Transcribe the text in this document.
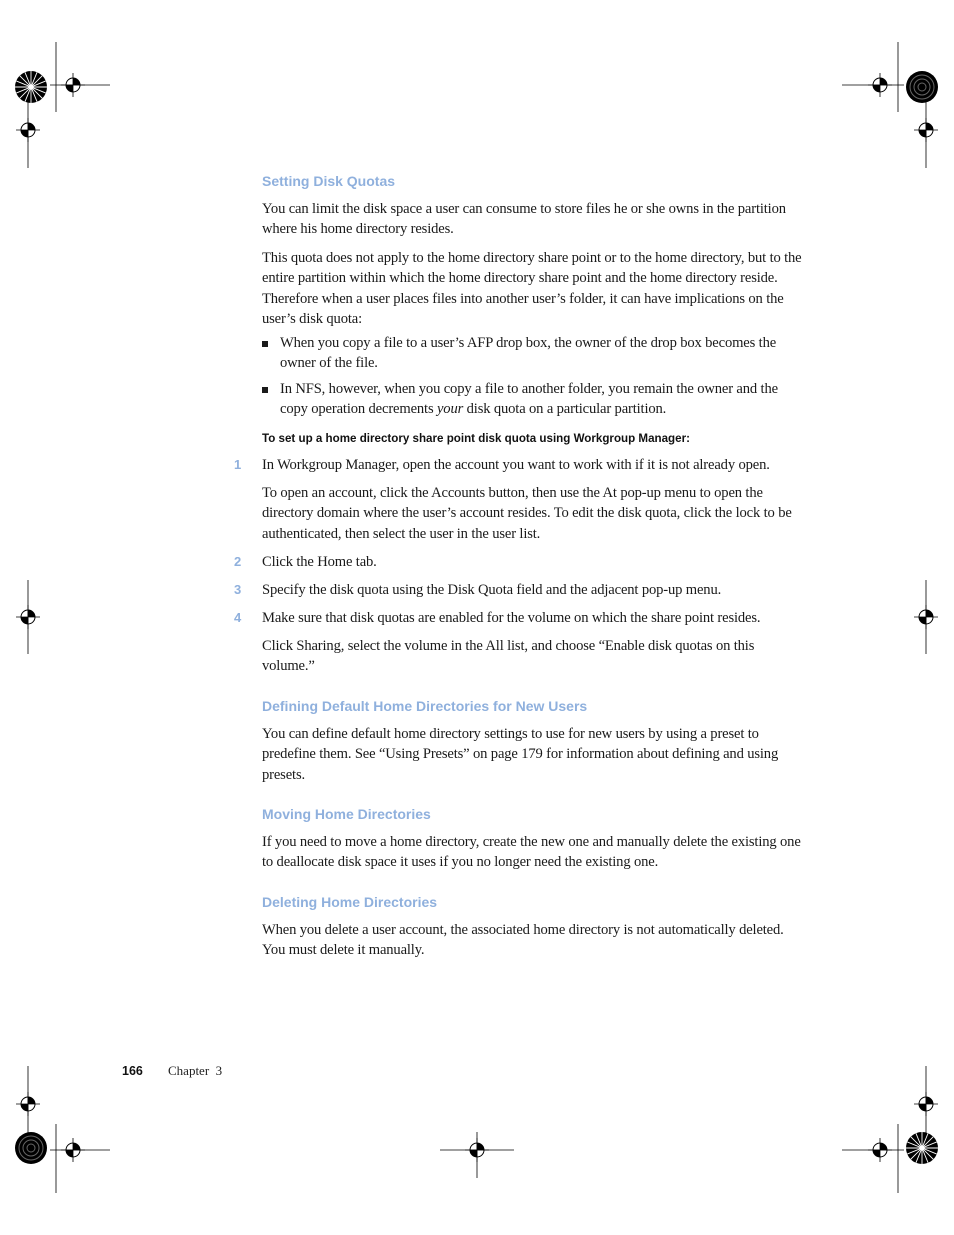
Setting Disk Quotas

You can limit the disk space a user can consume to store files he or she owns in the partition where his home directory resides.

This quota does not apply to the home directory share point or to the home directory, but to the entire partition within which the home directory share point and the home directory reside. Therefore when a user places files into another user’s folder, it can have implications on the user’s disk quota:

When you copy a file to a user’s AFP drop box, the owner of the drop box becomes the owner of the file.

In NFS, however, when you copy a file to another folder, you remain the owner and the copy operation decrements your disk quota on a particular partition.

To set up a home directory share point disk quota using Workgroup Manager:
1 In Workgroup Manager, open the account you want to work with if it is not already open.

To open an account, click the Accounts button, then use the At pop-up menu to open the directory domain where the user’s account resides. To edit the disk quota, click the lock to be authenticated, then select the user in the user list.

2 Click the Home tab.

3 Specify the disk quota using the Disk Quota field and the adjacent pop-up menu.

4 Make sure that disk quotas are enabled for the volume on which the share point resides.

Click Sharing, select the volume in the All list, and choose “Enable disk quotas on this volume.”

Defining Default Home Directories for New Users

You can define default home directory settings to use for new users by using a preset to predefine them. See “Using Presets” on page 179 for information about defining and using presets.

Moving Home Directories

If you need to move a home directory, create the new one and manually delete the existing one to deallocate disk space it uses if you no longer need the existing one.

Deleting Home Directories

When you delete a user account, the associated home directory is not automatically deleted. You must delete it manually.

166 Chapter  3
